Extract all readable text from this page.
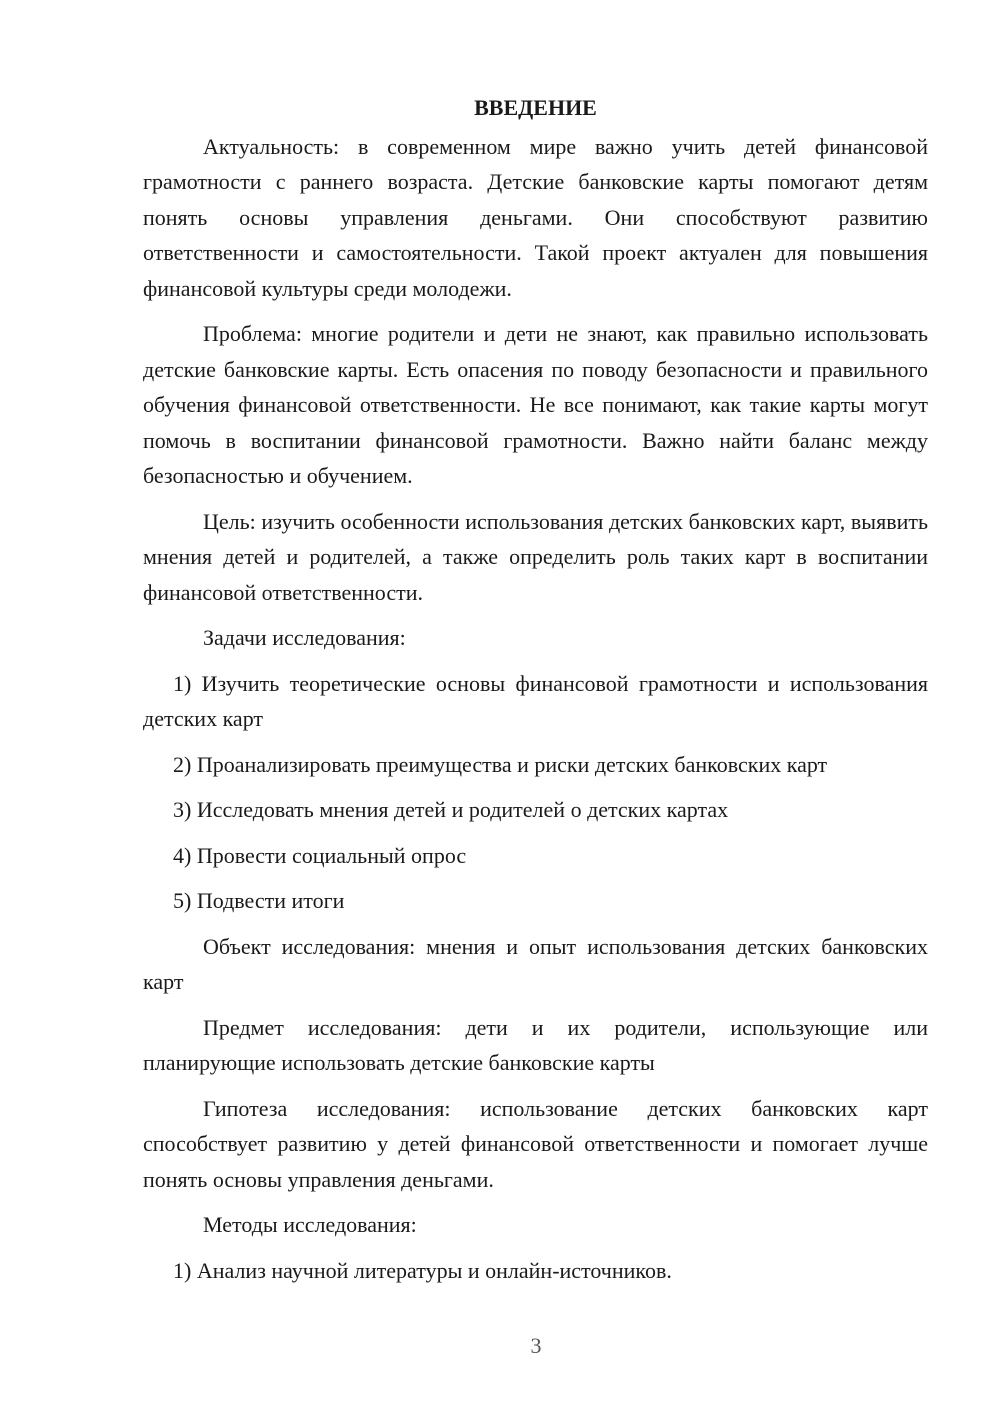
ВВЕДЕНИЕ

Актуальность: в современном мире важно учить детей финансовой грамотности с раннего возраста. Детские банковские карты помогают детям понять основы управления деньгами. Они способствуют развитию ответственности и самостоятельности. Такой проект актуален для повышения финансовой культуры среди молодежи.

Проблема: многие родители и дети не знают, как правильно использовать детские банковские карты. Есть опасения по поводу безопасности и правильного обучения финансовой ответственности. Не все понимают, как такие карты могут помочь в воспитании финансовой грамотности. Важно найти баланс между безопасностью и обучением.

Цель: изучить особенности использования детских банковских карт, выявить мнения детей и родителей, а также определить роль таких карт в воспитании финансовой ответственности.

Задачи исследования:

1) Изучить теоретические основы финансовой грамотности и использования детских карт

2) Проанализировать преимущества и риски детских банковских карт

3) Исследовать мнения детей и родителей о детских картах

4) Провести социальный опрос

5) Подвести итоги

Объект исследования: мнения и опыт использования детских банковских карт

Предмет исследования: дети и их родители, использующие или планирующие использовать детские банковские карты

Гипотеза исследования: использование детских банковских карт способствует развитию у детей финансовой ответственности и помогает лучше понять основы управления деньгами.

Методы исследования:

1) Анализ научной литературы и онлайн-источников.

3
